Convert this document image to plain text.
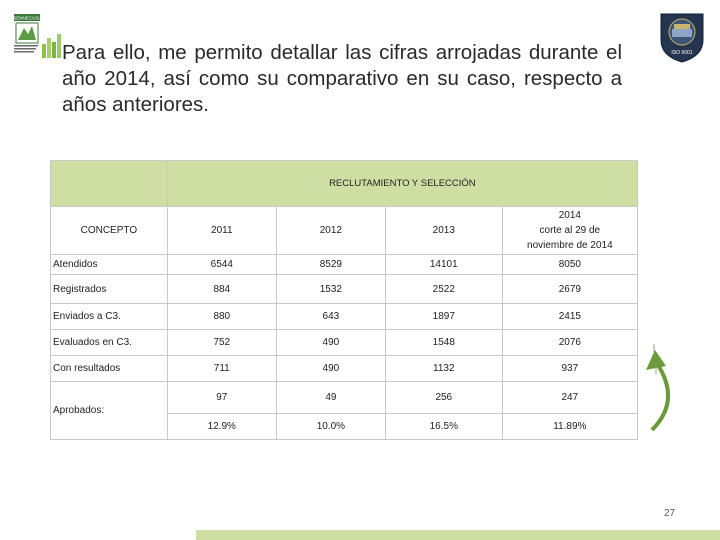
SENNECUSL
ISO 9001
Para ello, me permito detallar las cifras arrojadas durante el año 2014, así como su comparativo en su caso, respecto a años anteriores.
	RECLUTAMIENTO Y SELECCIÓN			
CONCEPTO	2011	2012	2013	2014
corte al 29 de
noviembre de 2014

Atendidos	6544	8529	14101	8050
Registrados	884	1532	2522	2679
Enviados a C3.	880	643	1897	2415
Evaluados en C3.	752	490	1548	2076
Con resultados	711	490	1132	937
Aprobados:	97	49	256	247
	12.9%	10.0%	16.5%	11.89%
27
